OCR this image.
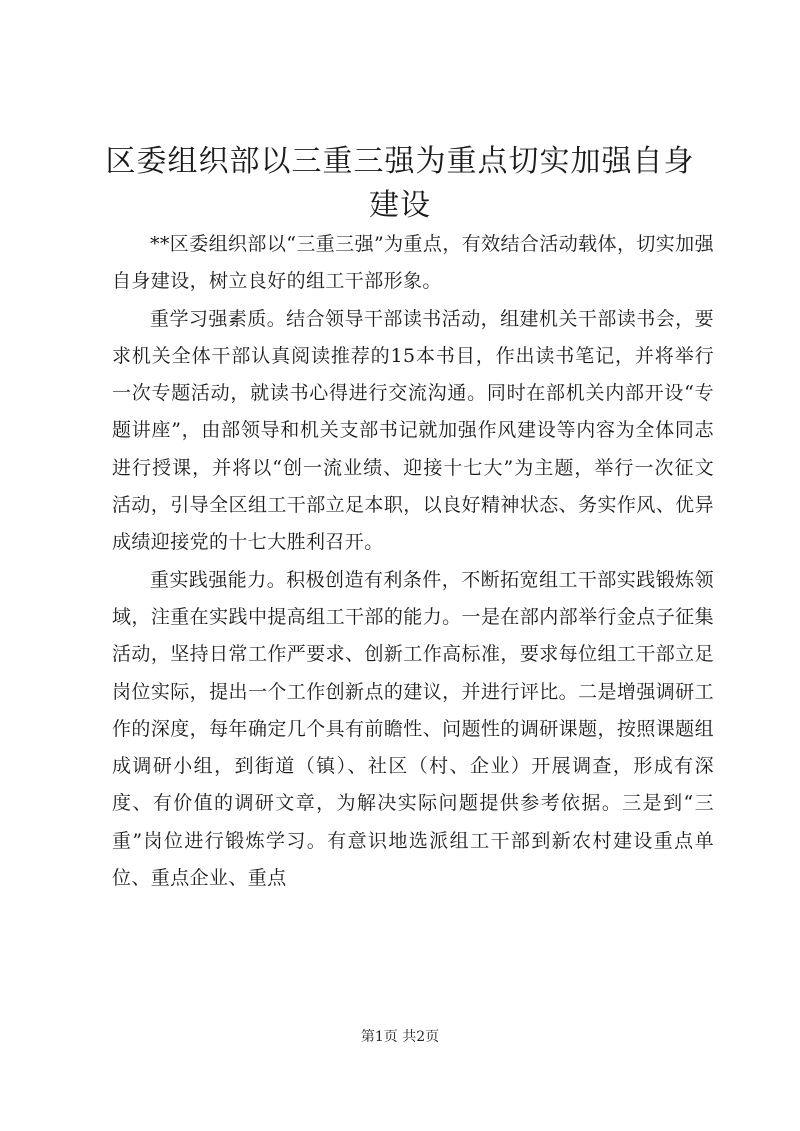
区委组织部以三重三强为重点切实加强自身建设

**区委组织部以“三重三强”为重点，有效结合活动载体，切实加强自身建设，树立良好的组工干部形象。

重学习强素质。结合领导干部读书活动，组建机关干部读书会，要求机关全体干部认真阅读推荐的15本书目，作出读书笔记，并将举行一次专题活动，就读书心得进行交流沟通。同时在部机关内部开设“专题讲座”，由部领导和机关支部书记就加强作风建设等内容为全体同志进行授课，并将以“创一流业绩、迎接十七大”为主题，举行一次征文活动，引导全区组工干部立足本职，以良好精神状态、务实作风、优异成绩迎接党的十七大胜利召开。

重实践强能力。积极创造有利条件，不断拓宽组工干部实践锻炼领域，注重在实践中提高组工干部的能力。一是在部内部举行金点子征集活动，坚持日常工作严要求、创新工作高标准，要求每位组工干部立足岗位实际，提出一个工作创新点的建议，并进行评比。二是增强调研工作的深度，每年确定几个具有前瞻性、问题性的调研课题，按照课题组成调研小组，到街道（镇）、社区（村、企业）开展调查，形成有深度、有价值的调研文章，为解决实际问题提供参考依据。三是到“三重”岗位进行锻炼学习。有意识地选派组工干部到新农村建设重点单位、重点企业、重点

第1页 共2页
